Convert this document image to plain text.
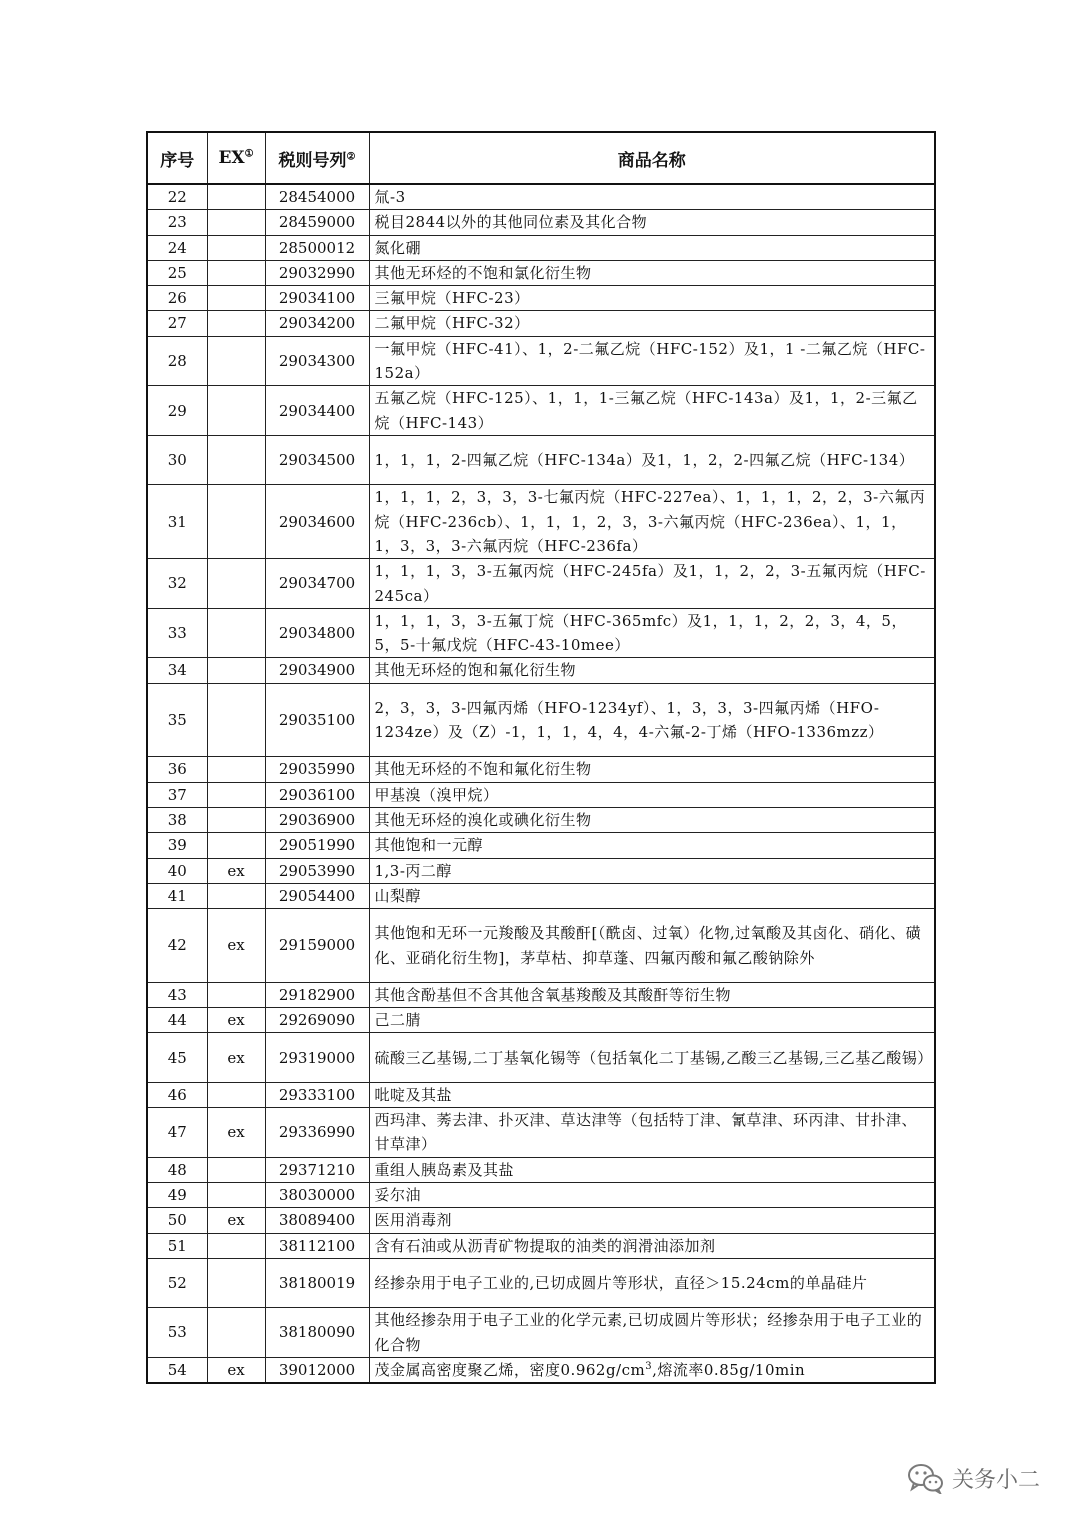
序号	EX①	税则号列②	商品名称
22		28454000	氚-3
23		28459000	税目2844以外的其他同位素及其化合物
24		28500012	氮化硼
25		29032990	其他无环烃的不饱和氯化衍生物
26		29034100	三氟甲烷（HFC-23）
27		29034200	二氟甲烷（HFC-32）
28		29034300	一氟甲烷（HFC-41）、1，2-二氟乙烷（HFC-152）及1，1 -二氟乙烷（HFC-152a）
29		29034400	五氟乙烷（HFC-125）、1，1，1-三氟乙烷（HFC-143a）及1，1，2-三氟乙烷（HFC-143）
30		29034500	1，1，1，2-四氟乙烷（HFC-134a）及1，1，2，2-四氟乙烷（HFC-134）
31		29034600	1，1，1，2，3，3，3-七氟丙烷（HFC-227ea）、1，1，1，2，2，3-六氟丙烷（HFC-236cb）、1，1，1，2，3，3-六氟丙烷（HFC-236ea）、1，1，1，3，3，3-六氟丙烷（HFC-236fa）
32		29034700	1，1，1，3，3-五氟丙烷（HFC-245fa）及1，1，2，2，3-五氟丙烷（HFC-245ca）
33		29034800	1，1，1，3，3-五氟丁烷（HFC-365mfc）及1，1，1，2，2，3，4，5，5，5-十氟戊烷（HFC-43-10mee）
34		29034900	其他无环烃的饱和氟化衍生物
35		29035100	2，3，3，3-四氟丙烯（HFO-1234yf）、1，3，3，3-四氟丙烯（HFO-1234ze）及（Z）-1，1，1，4，4，4-六氟-2-丁烯（HFO-1336mzz）
36		29035990	其他无环烃的不饱和氟化衍生物
37		29036100	甲基溴（溴甲烷）
38		29036900	其他无环烃的溴化或碘化衍生物
39		29051990	其他饱和一元醇
40	ex	29053990	1,3-丙二醇
41		29054400	山梨醇
42	ex	29159000	其他饱和无环一元羧酸及其酸酐[（酰卤、过氧）化物,过氧酸及其卤化、硝化、磺化、亚硝化衍生物]，茅草枯、抑草蓬、四氟丙酸和氟乙酸钠除外
43		29182900	其他含酚基但不含其他含氧基羧酸及其酸酐等衍生物
44	ex	29269090	己二腈
45	ex	29319000	硫酸三乙基锡,二丁基氧化锡等（包括氧化二丁基锡,乙酸三乙基锡,三乙基乙酸锡）
46		29333100	吡啶及其盐
47	ex	29336990	西玛津、莠去津、扑灭津、草达津等（包括特丁津、氰草津、环丙津、甘扑津、甘草津）
48		29371210	重组人胰岛素及其盐
49		38030000	妥尔油
50	ex	38089400	医用消毒剂
51		38112100	含有石油或从沥青矿物提取的油类的润滑油添加剂
52		38180019	经掺杂用于电子工业的,已切成圆片等形状，直径＞15.24cm的单晶硅片
53		38180090	其他经掺杂用于电子工业的化学元素,已切成圆片等形状；经掺杂用于电子工业的化合物
54	ex	39012000	茂金属高密度聚乙烯，密度$0.962g/cm^3$,熔流率0.85g/10min
关务小二
